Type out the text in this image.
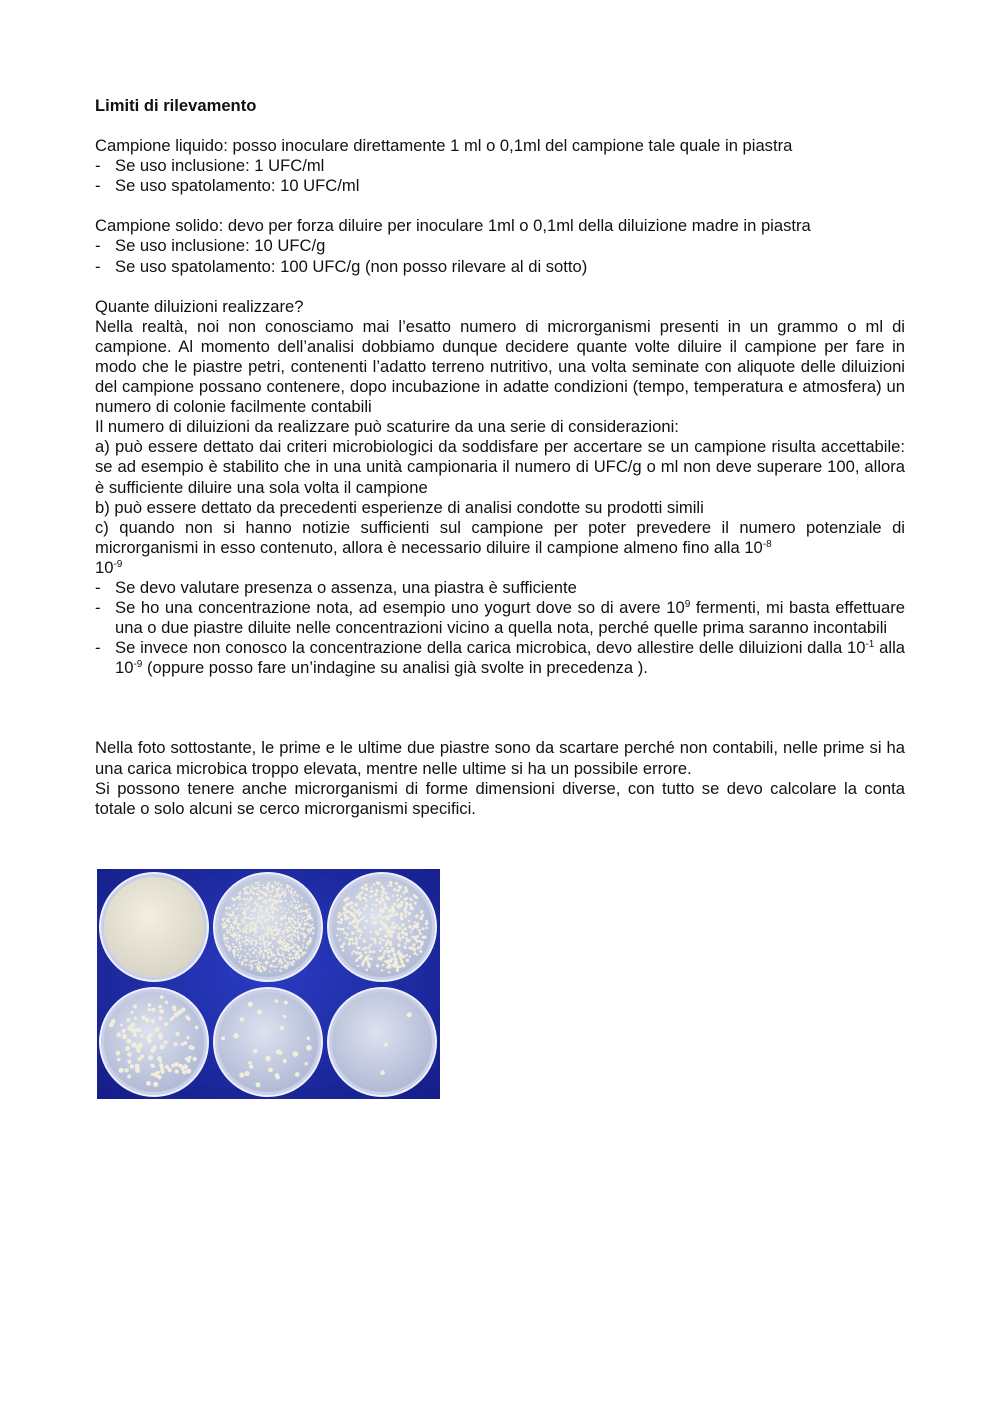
Limiti di rilevamento

Campione liquido: posso inoculare direttamente 1 ml o 0,1ml del campione tale quale in piastra

- Se uso inclusione: 1 UFC/ml
- Se uso spatolamento: 10 UFC/ml

Campione solido: devo per forza diluire per inoculare 1ml o 0,1ml della diluizione madre in piastra

- Se uso inclusione: 10 UFC/g
- Se uso spatolamento: 100 UFC/g (non posso rilevare al di sotto)

Quante diluizioni realizzare?

Nella realtà, noi non conosciamo mai l’esatto numero di microrganismi presenti in un grammo o ml di campione. Al momento dell’analisi dobbiamo dunque decidere quante volte diluire il campione per fare in modo che le piastre petri, contenenti l’adatto terreno nutritivo, una volta seminate con aliquote delle diluizioni del campione possano contenere, dopo incubazione in adatte condizioni (tempo, temperatura e atmosfera) un numero di colonie facilmente contabili

Il numero di diluizioni da realizzare può scaturire da una serie di considerazioni:

a) può essere dettato dai criteri microbiologici da soddisfare per accertare se un campione risulta accettabile: se ad esempio è stabilito che in una unità campionaria il numero di UFC/g o ml non deve superare 100, allora è sufficiente diluire una sola volta il campione

b) può essere dettato da precedenti esperienze di analisi condotte su prodotti simili

c) quando non si hanno notizie sufficienti sul campione per poter prevedere il numero potenziale di microrganismi in esso contenuto, allora è necessario diluire il campione almeno fino alla $10^{-8}$

$10^{-9}$

- Se devo valutare presenza o assenza, una piastra è sufficiente
- Se ho una concentrazione nota, ad esempio uno yogurt dove so di avere $10^9$ fermenti, mi basta effettuare una o due piastre diluite nelle concentrazioni vicino a quella nota, perché quelle prima saranno incontabili
- Se invece non conosco la concentrazione della carica microbica, devo allestire delle diluizioni dalla $10^{-1}$ alla $10^{-9}$ (oppure posso fare un’indagine su analisi già svolte in precedenza ).

Nella foto sottostante, le prime e le ultime due piastre sono da scartare perché non contabili, nelle prime si ha una carica microbica troppo elevata, mentre nelle ultime si ha un possibile errore.

Si possono tenere anche microrganismi di forme dimensioni diverse, con tutto se devo calcolare la conta totale o solo alcuni se cerco microrganismi specifici.
